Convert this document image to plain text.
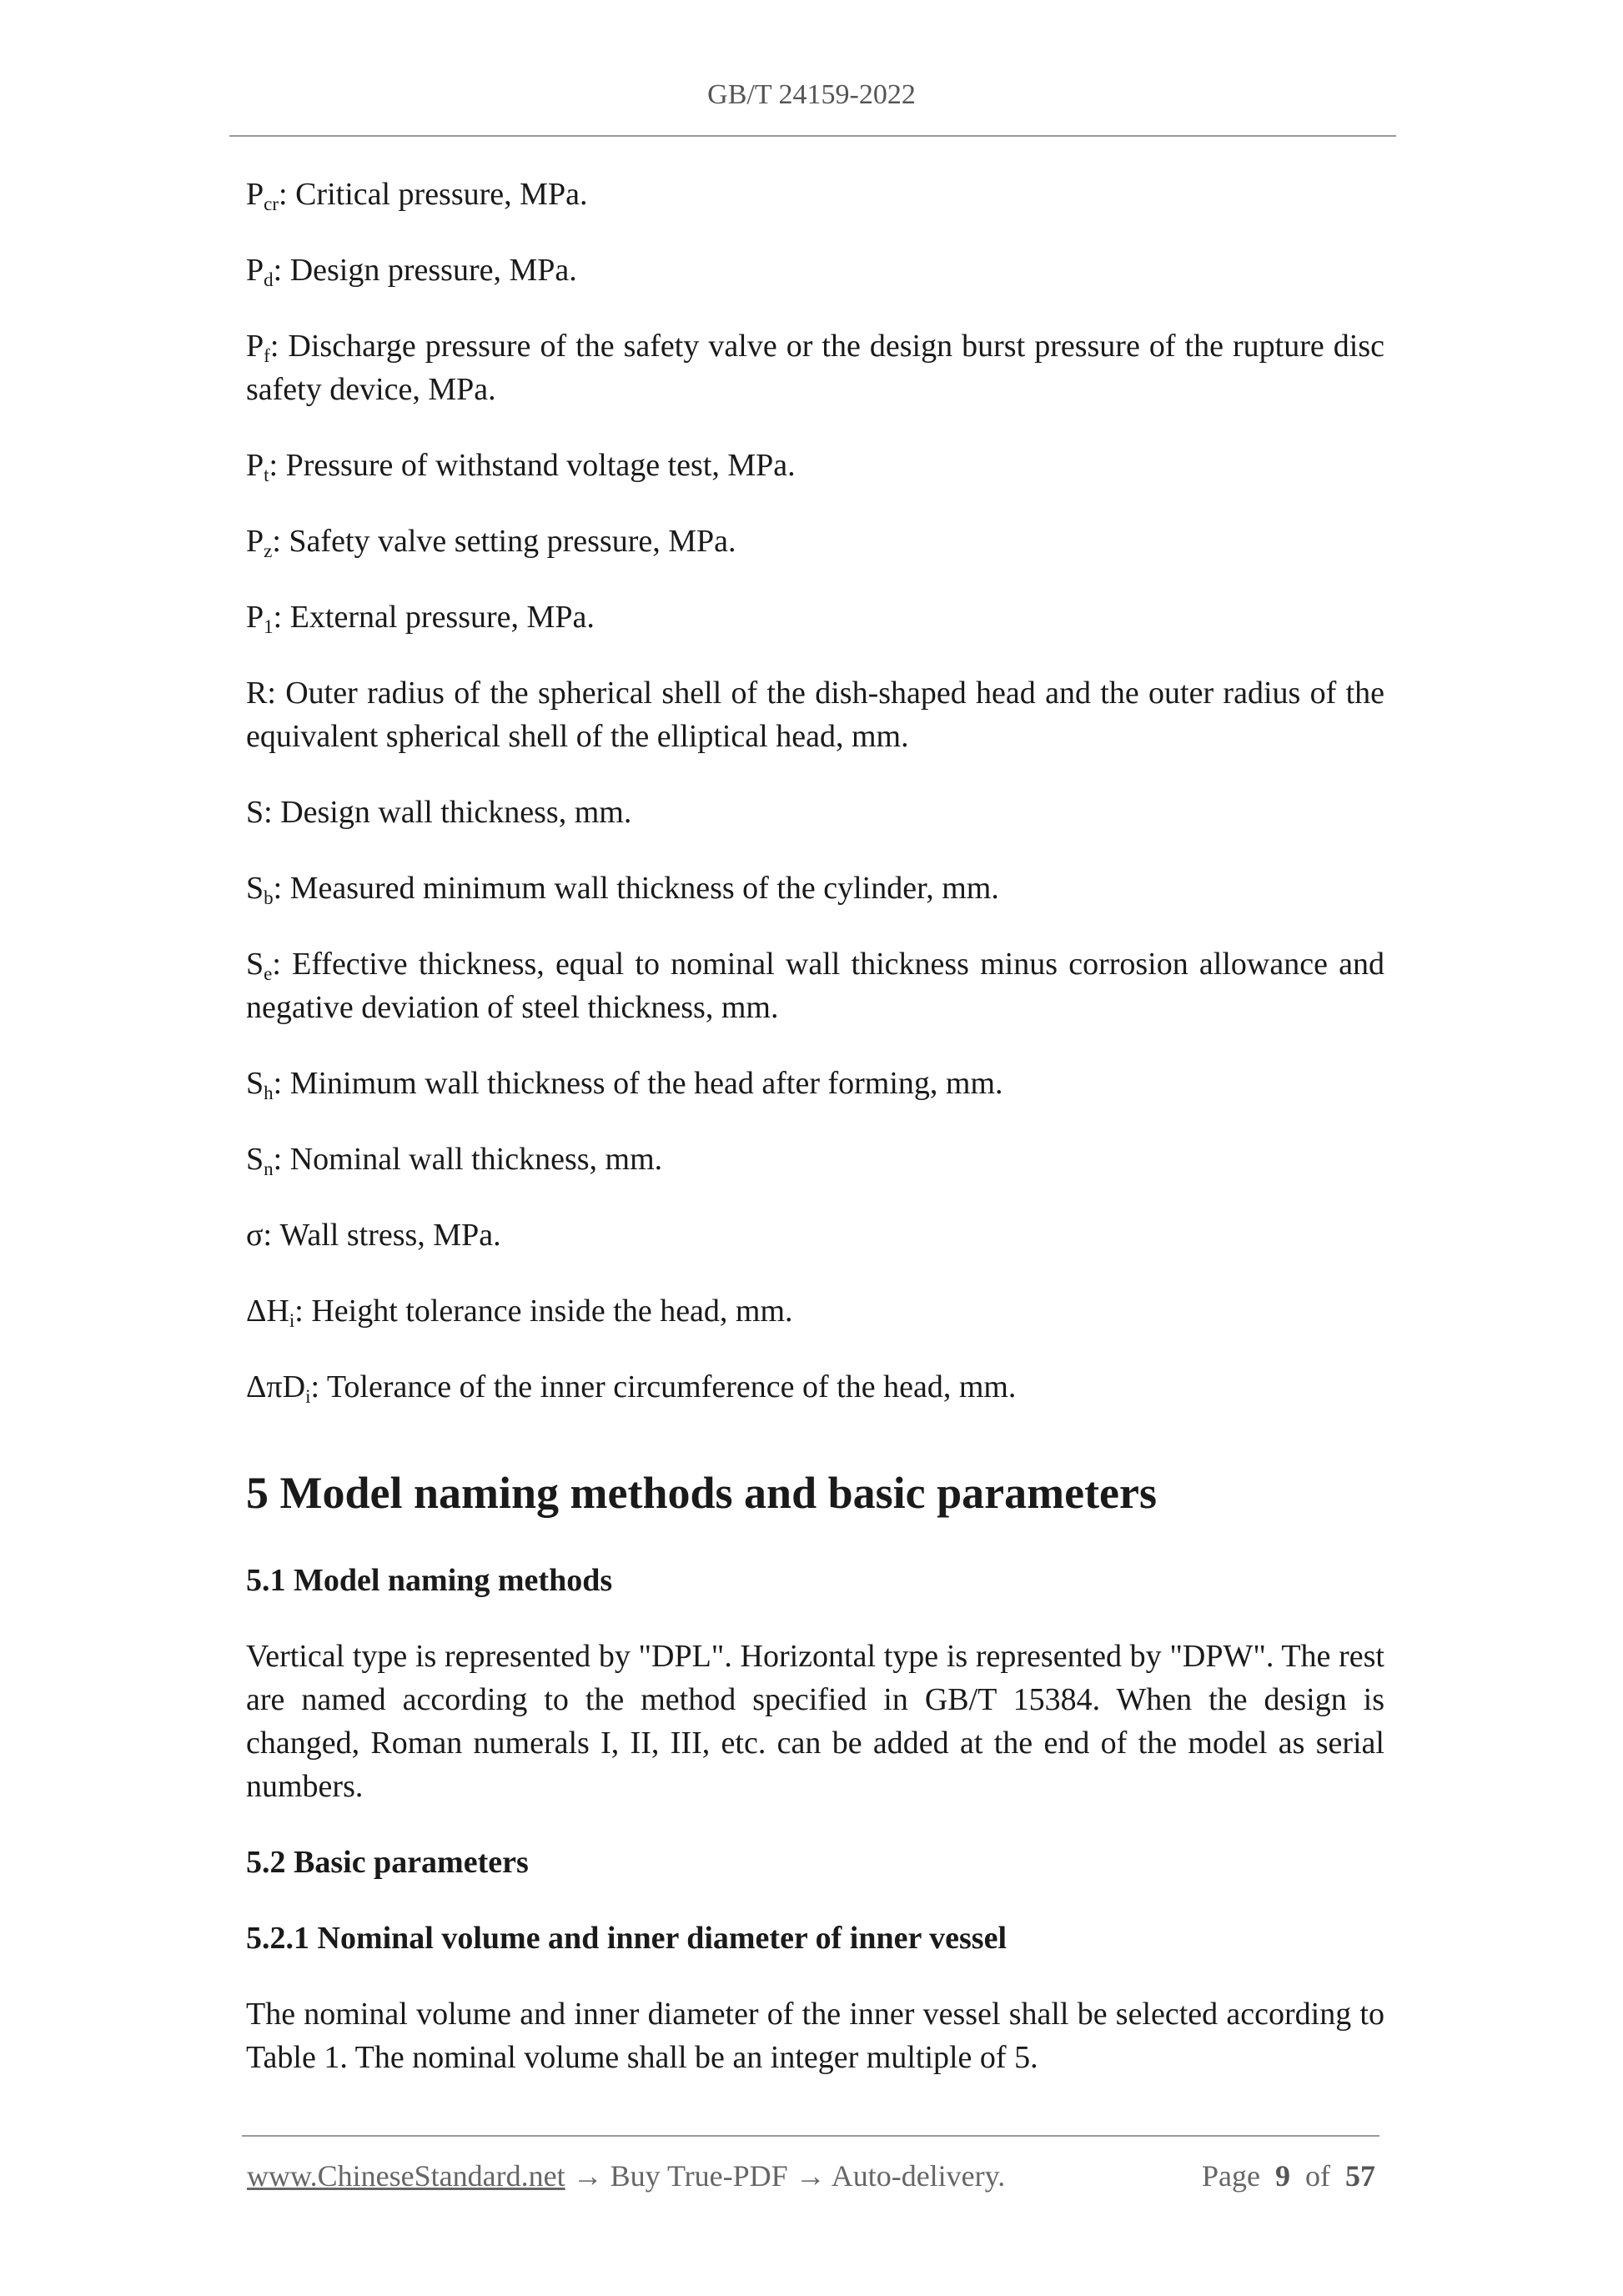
GB/T 24159-2022

$P_{cr}$: Critical pressure, MPa.

$P_d$: Design pressure, MPa.

$P_f$: Discharge pressure of the safety valve or the design burst pressure of the rupture disc safety device, MPa.

$P_t$: Pressure of withstand voltage test, MPa.

$P_z$: Safety valve setting pressure, MPa.

$P_1$: External pressure, MPa.

R: Outer radius of the spherical shell of the dish-shaped head and the outer radius of the equivalent spherical shell of the elliptical head, mm.

S: Design wall thickness, mm.

$S_b$: Measured minimum wall thickness of the cylinder, mm.

$S_e$: Effective thickness, equal to nominal wall thickness minus corrosion allowance and negative deviation of steel thickness, mm.

$S_h$: Minimum wall thickness of the head after forming, mm.

$S_n$: Nominal wall thickness, mm.

σ: Wall stress, MPa.

$\Delta H_i$: Height tolerance inside the head, mm.

ΔπD$_i$: Tolerance of the inner circumference of the head, mm.

5 Model naming methods and basic parameters
5.1 Model naming methods

Vertical type is represented by "DPL". Horizontal type is represented by "DPW". The rest are named according to the method specified in GB/T 15384. When the design is changed, Roman numerals I, II, III, etc. can be added at the end of the model as serial numbers.

5.2 Basic parameters
5.2.1 Nominal volume and inner diameter of inner vessel

The nominal volume and inner diameter of the inner vessel shall be selected according to Table 1. The nominal volume shall be an integer multiple of 5.

www.ChineseStandard.net → Buy True-PDF → Auto-delivery.	Page 9 of 57
